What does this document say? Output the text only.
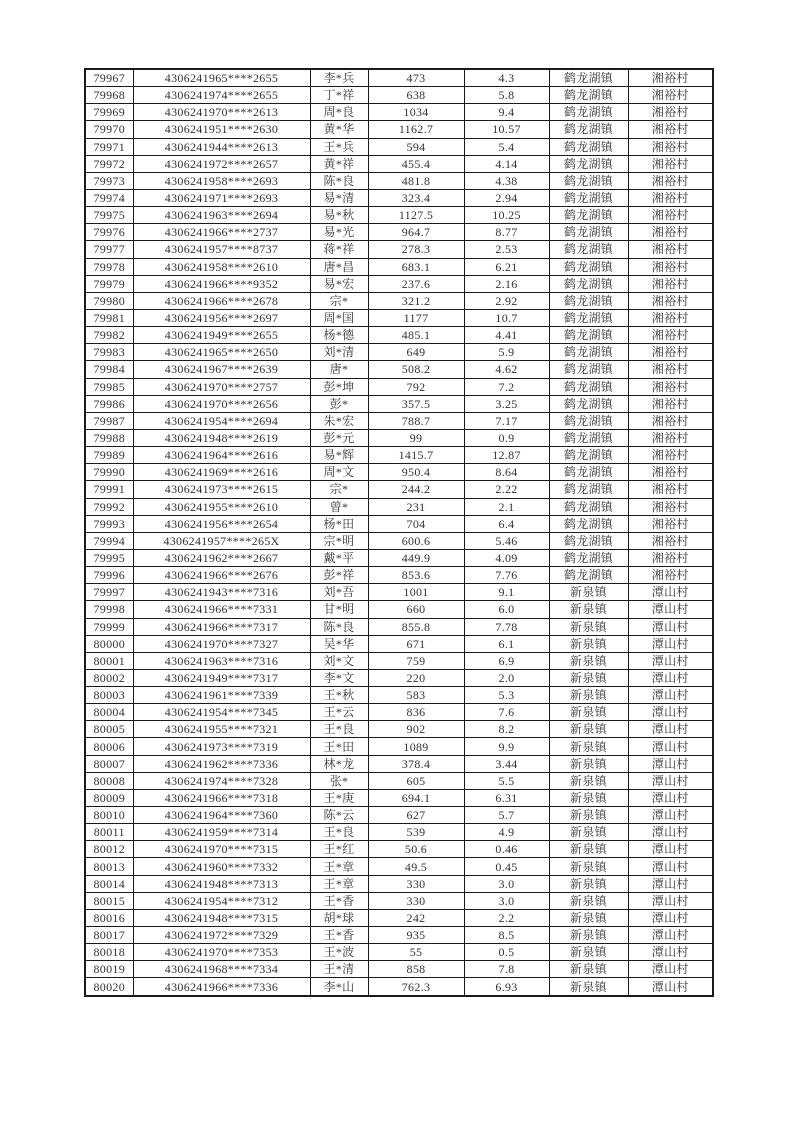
79967	4306241965****2655	李*兵	473	4.3	鹤龙湖镇	湘裕村
79968	4306241974****2655	丁*祥	638	5.8	鹤龙湖镇	湘裕村
79969	4306241970****2613	周*良	1034	9.4	鹤龙湖镇	湘裕村
79970	4306241951****2630	黄*华	1162.7	10.57	鹤龙湖镇	湘裕村
79971	4306241944****2613	王*兵	594	5.4	鹤龙湖镇	湘裕村
79972	4306241972****2657	黄*祥	455.4	4.14	鹤龙湖镇	湘裕村
79973	4306241958****2693	陈*良	481.8	4.38	鹤龙湖镇	湘裕村
79974	4306241971****2693	易*清	323.4	2.94	鹤龙湖镇	湘裕村
79975	4306241963****2694	易*秋	1127.5	10.25	鹤龙湖镇	湘裕村
79976	4306241966****2737	易*光	964.7	8.77	鹤龙湖镇	湘裕村
79977	4306241957****8737	蒋*祥	278.3	2.53	鹤龙湖镇	湘裕村
79978	4306241958****2610	唐*昌	683.1	6.21	鹤龙湖镇	湘裕村
79979	4306241966****9352	易*宏	237.6	2.16	鹤龙湖镇	湘裕村
79980	4306241966****2678	宗*	321.2	2.92	鹤龙湖镇	湘裕村
79981	4306241956****2697	周*国	1177	10.7	鹤龙湖镇	湘裕村
79982	4306241949****2655	杨*德	485.1	4.41	鹤龙湖镇	湘裕村
79983	4306241965****2650	刘*清	649	5.9	鹤龙湖镇	湘裕村
79984	4306241967****2639	唐*	508.2	4.62	鹤龙湖镇	湘裕村
79985	4306241970****2757	彭*坤	792	7.2	鹤龙湖镇	湘裕村
79986	4306241970****2656	彭*	357.5	3.25	鹤龙湖镇	湘裕村
79987	4306241954****2694	朱*宏	788.7	7.17	鹤龙湖镇	湘裕村
79988	4306241948****2619	彭*元	99	0.9	鹤龙湖镇	湘裕村
79989	4306241964****2616	易*辉	1415.7	12.87	鹤龙湖镇	湘裕村
79990	4306241969****2616	周*文	950.4	8.64	鹤龙湖镇	湘裕村
79991	4306241973****2615	宗*	244.2	2.22	鹤龙湖镇	湘裕村
79992	4306241955****2610	曾*	231	2.1	鹤龙湖镇	湘裕村
79993	4306241956****2654	杨*田	704	6.4	鹤龙湖镇	湘裕村
79994	4306241957****265X	宗*明	600.6	5.46	鹤龙湖镇	湘裕村
79995	4306241962****2667	戴*平	449.9	4.09	鹤龙湖镇	湘裕村
79996	4306241966****2676	彭*祥	853.6	7.76	鹤龙湖镇	湘裕村
79997	4306241943****7316	刘*吾	1001	9.1	新泉镇	潭山村
79998	4306241966****7331	甘*明	660	6.0	新泉镇	潭山村
79999	4306241966****7317	陈*良	855.8	7.78	新泉镇	潭山村
80000	4306241970****7327	吴*华	671	6.1	新泉镇	潭山村
80001	4306241963****7316	刘*文	759	6.9	新泉镇	潭山村
80002	4306241949****7317	李*文	220	2.0	新泉镇	潭山村
80003	4306241961****7339	王*秋	583	5.3	新泉镇	潭山村
80004	4306241954****7345	王*云	836	7.6	新泉镇	潭山村
80005	4306241955****7321	王*良	902	8.2	新泉镇	潭山村
80006	4306241973****7319	王*田	1089	9.9	新泉镇	潭山村
80007	4306241962****7336	林*龙	378.4	3.44	新泉镇	潭山村
80008	4306241974****7328	张*	605	5.5	新泉镇	潭山村
80009	4306241966****7318	王*庚	694.1	6.31	新泉镇	潭山村
80010	4306241964****7360	陈*云	627	5.7	新泉镇	潭山村
80011	4306241959****7314	王*良	539	4.9	新泉镇	潭山村
80012	4306241970****7315	王*红	50.6	0.46	新泉镇	潭山村
80013	4306241960****7332	王*章	49.5	0.45	新泉镇	潭山村
80014	4306241948****7313	王*章	330	3.0	新泉镇	潭山村
80015	4306241954****7312	王*香	330	3.0	新泉镇	潭山村
80016	4306241948****7315	胡*球	242	2.2	新泉镇	潭山村
80017	4306241972****7329	王*香	935	8.5	新泉镇	潭山村
80018	4306241970****7353	王*波	55	0.5	新泉镇	潭山村
80019	4306241968****7334	王*清	858	7.8	新泉镇	潭山村
80020	4306241966****7336	李*山	762.3	6.93	新泉镇	潭山村
